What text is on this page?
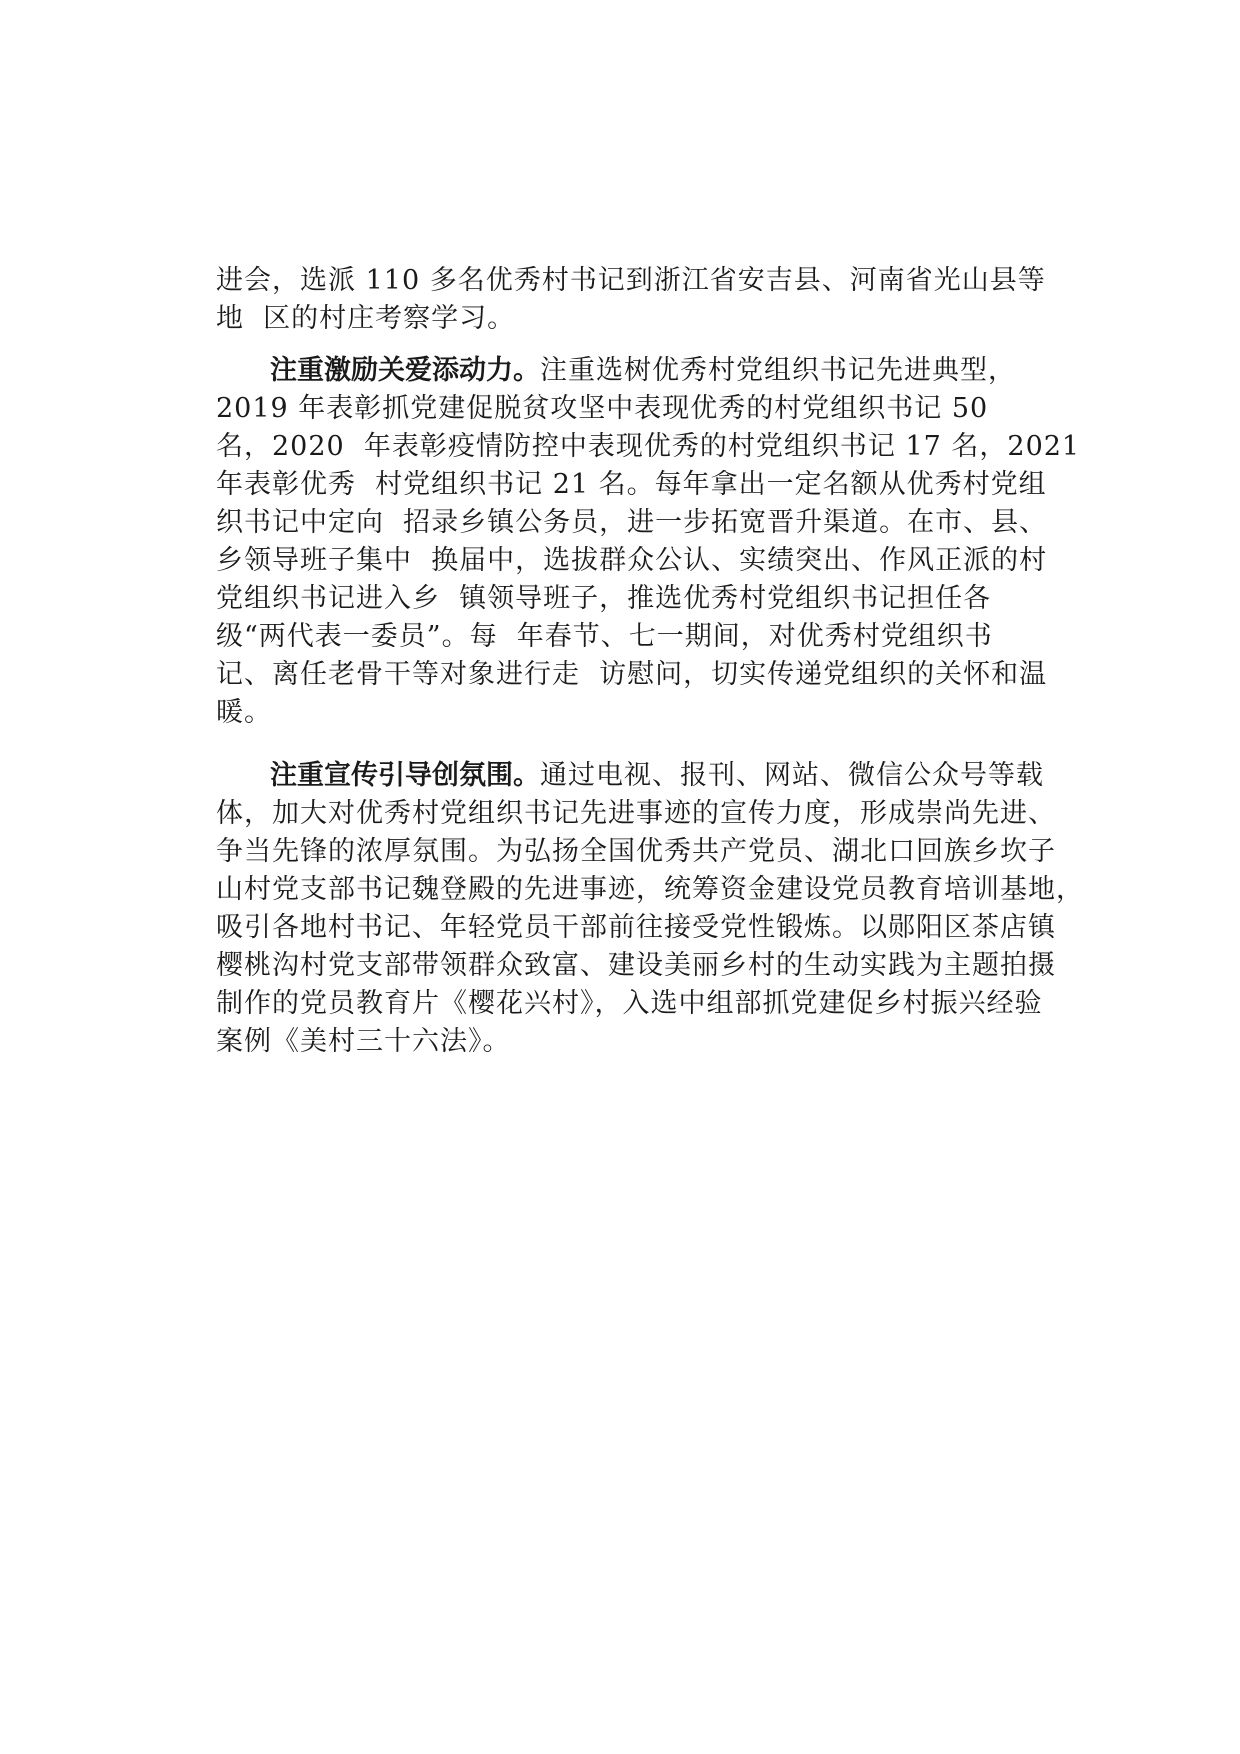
进会，选派 110 多名优秀村书记到浙江省安吉县、河南省光山县等
地  区的村庄考察学习。
注重激励关爱添动力。注重选树优秀村党组织书记先进典型，
2019 年表彰抓党建促脱贫攻坚中表现优秀的村党组织书记 50
名，2020  年表彰疫情防控中表现优秀的村党组织书记 17 名，2021
年表彰优秀  村党组织书记 21 名。每年拿出一定名额从优秀村党组
织书记中定向  招录乡镇公务员，进一步拓宽晋升渠道。在市、县、
乡领导班子集中  换届中，选拔群众公认、实绩突出、作风正派的村
党组织书记进入乡  镇领导班子，推选优秀村党组织书记担任各
级“两代表一委员”。每  年春节、七一期间，对优秀村党组织书
记、离任老骨干等对象进行走  访慰问，切实传递党组织的关怀和温
暖。
注重宣传引导创氛围。通过电视、报刊、网站、微信公众号等载
体，加大对优秀村党组织书记先进事迹的宣传力度，形成崇尚先进、
争当先锋的浓厚氛围。为弘扬全国优秀共产党员、湖北口回族乡坎子
山村党支部书记魏登殿的先进事迹，统筹资金建设党员教育培训基地，
吸引各地村书记、年轻党员干部前往接受党性锻炼。以郧阳区茶店镇
樱桃沟村党支部带领群众致富、建设美丽乡村的生动实践为主题拍摄
制作的党员教育片《樱花兴村》，入选中组部抓党建促乡村振兴经验
案例《美村三十六法》。
